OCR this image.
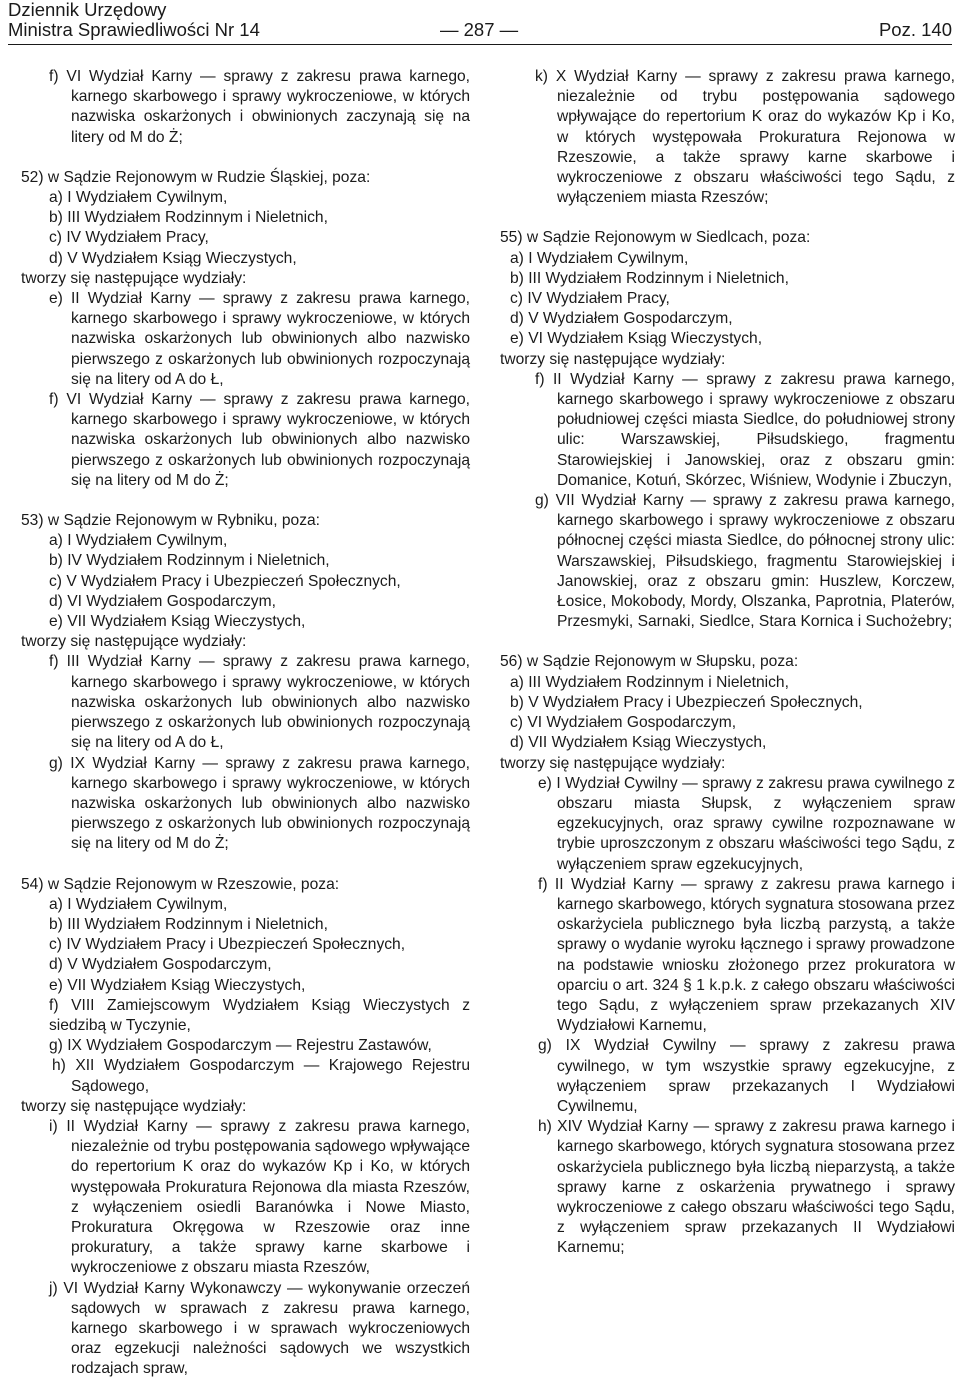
Dziennik Urzędowy
Ministra Sprawiedliwości Nr 14	— 287 —	Poz. 140

f) VI Wydział Karny — sprawy z zakresu prawa karnego, karnego skarbowego i sprawy wykroczeniowe, w których nazwiska oskarżonych i obwinionych zaczynają się na litery od M do Ż;

52) w Sądzie Rejonowym w Rudzie Śląskiej, poza:

a) I Wydziałem Cywilnym,

b) III Wydziałem Rodzinnym i Nieletnich,

c) IV Wydziałem Pracy,

d) V Wydziałem Ksiąg Wieczystych,

tworzy się następujące wydziały:

e) II Wydział Karny — sprawy z zakresu prawa karnego, karnego skarbowego i sprawy wykroczeniowe, w których nazwiska oskarżonych lub obwinionych albo nazwisko pierwszego z oskarżonych lub obwinionych rozpoczynają się na litery od A do Ł,

f) VI Wydział Karny — sprawy z zakresu prawa karnego, karnego skarbowego i sprawy wykroczeniowe, w których nazwiska oskarżonych lub obwinionych albo nazwisko pierwszego z oskarżonych lub obwinionych rozpoczynają się na litery od M do Ż;

53) w Sądzie Rejonowym w Rybniku, poza:

a) I Wydziałem Cywilnym,

b) IV Wydziałem Rodzinnym i Nieletnich,

c) V Wydziałem Pracy i Ubezpieczeń Społecznych,

d) VI Wydziałem Gospodarczym,

e) VII Wydziałem Ksiąg Wieczystych,

tworzy się następujące wydziały:

f) III Wydział Karny — sprawy z zakresu prawa karnego, karnego skarbowego i sprawy wykroczeniowe, w których nazwiska oskarżonych lub obwinionych albo nazwisko pierwszego z oskarżonych lub obwinionych rozpoczynają się na litery od A do Ł,

g) IX Wydział Karny — sprawy z zakresu prawa karnego, karnego skarbowego i sprawy wykroczeniowe, w których nazwiska oskarżonych lub obwinionych albo nazwisko pierwszego z oskarżonych lub obwinionych rozpoczynają się na litery od M do Ż;

54) w Sądzie Rejonowym w Rzeszowie, poza:

a) I Wydziałem Cywilnym,

b) III Wydziałem Rodzinnym i Nieletnich,

c) IV Wydziałem Pracy i Ubezpieczeń Społecznych,

d) V Wydziałem Gospodarczym,

e) VII Wydziałem Ksiąg Wieczystych,

f) VIII Zamiejscowym Wydziałem Ksiąg Wieczystych z siedzibą w Tyczynie,

g) IX Wydziałem Gospodarczym — Rejestru Zastawów,

h) XII Wydziałem Gospodarczym — Krajowego Rejestru Sądowego,

tworzy się następujące wydziały:

i) II Wydział Karny — sprawy z zakresu prawa karnego, niezależnie od trybu postępowania sądowego wpływające do repertorium K oraz do wykazów Kp i Ko, w których występowała Prokuratura Rejonowa dla miasta Rzeszów, z wyłączeniem osiedli Baranówka i Nowe Miasto, Prokuratura Okręgowa w Rzeszowie oraz inne prokuratury, a także sprawy karne skarbowe i wykroczeniowe z obszaru miasta Rzeszów,

j) VI Wydział Karny Wykonawczy — wykonywanie orzeczeń sądowych w sprawach z zakresu prawa karnego, karnego skarbowego i w sprawach wykroczeniowych oraz egzekucji należności sądowych we wszystkich rodzajach spraw,

k) X Wydział Karny — sprawy z zakresu prawa karnego, niezależnie od trybu postępowania sądowego wpływające do repertorium K oraz do wykazów Kp i Ko, w których występowała Prokuratura Rejonowa w Rzeszowie, a także sprawy karne skarbowe i wykroczeniowe z obszaru właściwości tego Sądu, z wyłączeniem miasta Rzeszów;

55) w Sądzie Rejonowym w Siedlcach, poza:

a) I Wydziałem Cywilnym,

b) III Wydziałem Rodzinnym i Nieletnich,

c) IV Wydziałem Pracy,

d) V Wydziałem Gospodarczym,

e) VI Wydziałem Ksiąg Wieczystych,

tworzy się następujące wydziały:

f) II Wydział Karny — sprawy z zakresu prawa karnego, karnego skarbowego i sprawy wykroczeniowe z obszaru południowej części miasta Siedlce, do południowej strony ulic: Warszawskiej, Piłsudskiego, fragmentu Starowiejskiej i Janowskiej, oraz z obszaru gmin: Domanice, Kotuń, Skórzec, Wiśniew, Wodynie i Zbuczyn,

g) VII Wydział Karny — sprawy z zakresu prawa karnego, karnego skarbowego i sprawy wykroczeniowe z obszaru północnej części miasta Siedlce, do północnej strony ulic: Warszawskiej, Piłsudskiego, fragmentu Starowiejskiej i Janowskiej, oraz z obszaru gmin: Huszlew, Korczew, Łosice, Mokobody, Mordy, Olszanka, Paprotnia, Platerów, Przesmyki, Sarnaki, Siedlce, Stara Kornica i Suchożebry;

56) w Sądzie Rejonowym w Słupsku, poza:

a) III Wydziałem Rodzinnym i Nieletnich,

b) V Wydziałem Pracy i Ubezpieczeń Społecznych,

c) VI Wydziałem Gospodarczym,

d) VII Wydziałem Ksiąg Wieczystych,

tworzy się następujące wydziały:

e) I Wydział Cywilny — sprawy z zakresu prawa cywilnego z obszaru miasta Słupsk, z wyłączeniem spraw egzekucyjnych, oraz sprawy cywilne rozpoznawane w trybie uproszczonym z obszaru właściwości tego Sądu, z wyłączeniem spraw egzekucyjnych,

f) II Wydział Karny — sprawy z zakresu prawa karnego i karnego skarbowego, których sygnatura stosowana przez oskarżyciela publicznego była liczbą parzystą, a także sprawy o wydanie wyroku łącznego i sprawy prowadzone na podstawie wniosku złożonego przez prokuratora w oparciu o art. 324 § 1 k.p.k. z całego obszaru właściwości tego Sądu, z wyłączeniem spraw przekazanych XIV Wydziałowi Karnemu,

g) IX Wydział Cywilny — sprawy z zakresu prawa cywilnego, w tym wszystkie sprawy egzekucyjne, z wyłączeniem spraw przekazanych I Wydziałowi Cywilnemu,

h) XIV Wydział Karny — sprawy z zakresu prawa karnego i karnego skarbowego, których sygnatura stosowana przez oskarżyciela publicznego była liczbą nieparzystą, a także sprawy karne z oskarżenia prywatnego i sprawy wykroczeniowe z całego obszaru właściwości tego Sądu, z wyłączeniem spraw przekazanych II Wydziałowi Karnemu;
